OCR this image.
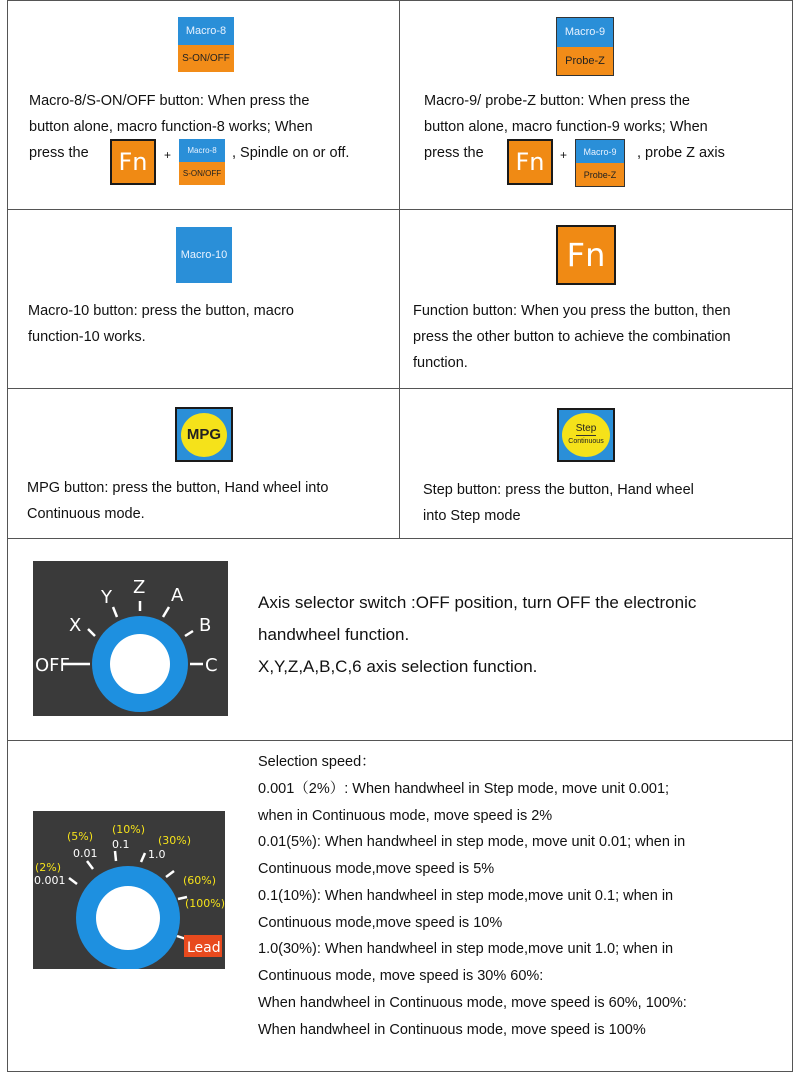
Macro-8
S-ON/OFF
Macro-8/S-ON/OFF button: When press the
button alone, macro function-8 works; When
press the Fn +	Macro-8
S-ON/OFF
, Spindle on or off.
Macro-9
Probe-Z
Macro-9/ probe-Z button: When press the
button alone, macro function-9 works; When
press the Fn +	Macro-9
Probe-Z
, probe Z axis
Macro-10
Macro-10 button: press the button, macro
function-10 works.
Fn
Function button: When you press the button, then
press the other button to achieve the combination
function.
MPG
MPG button: press the button, Hand wheel into
Continuous mode.
Step
Continuous
Step button: press the button, Hand wheel
into Step mode
OFF
X
Y Z A
B
C
Axis selector switch :OFF position, turn OFF the electronic
handwheel function.
X,Y,Z,A,B,C,6 axis selection function.
(2%)
0.001
(5%)
0.01
(10%)
0.1	(30%)
1.0
(60%)
(100%)
Lead
Selection speed：
0.001（2%）: When handwheel in Step mode, move unit 0.001;
when in Continuous mode, move speed is 2%
0.01(5%): When handwheel in step mode, move unit 0.01; when in
Continuous mode,move speed is 5%
0.1(10%): When handwheel in step mode,move unit 0.1; when in
Continuous mode,move speed is 10%
1.0(30%): When handwheel in step mode,move unit 1.0; when in
Continuous mode, move speed is 30% 60%:
When handwheel in Continuous mode, move speed is 60%, 100%:
When handwheel in Continuous mode, move speed is 100%
